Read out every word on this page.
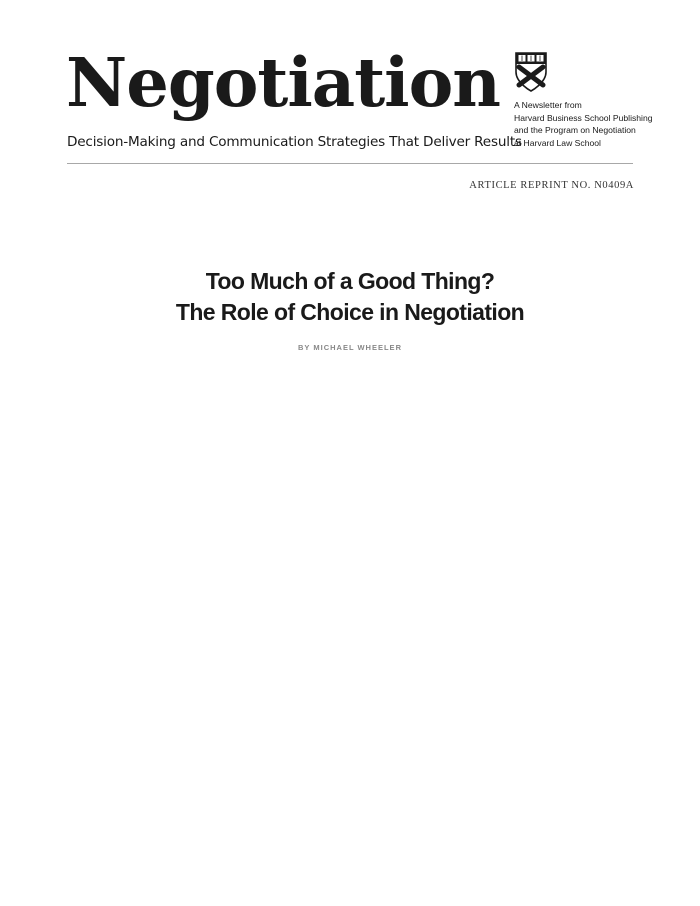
Negotiation

Decision-Making and Communication Strategies That Deliver Results

A Newsletter from
Harvard Business School Publishing
and the Program on Negotiation
at Harvard Law School

ARTICLE REPRINT NO. N0409A

Too Much of a Good Thing?
The Role of Choice in Negotiation

BY MICHAEL WHEELER
